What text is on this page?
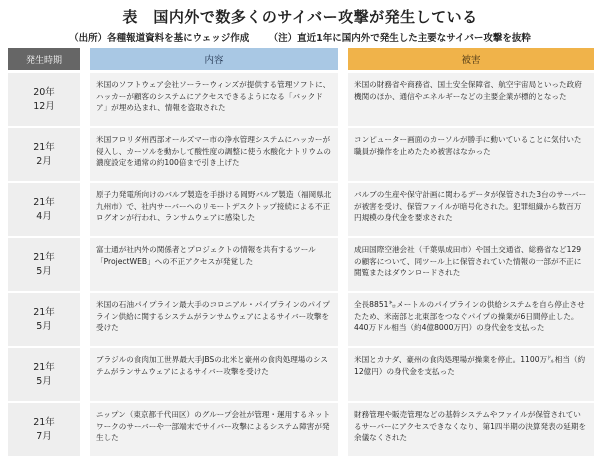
表　国内外で数多くのサイバー攻撃が発生している
（出所）各種報道資料を基にウェッジ作成 （注）直近1年に国内外で発生した主要なサイバー攻撃を抜粋
発生時期	内容	被害
20年
12月
米国のソフトウェア会社ソーラーウィンズが提供する管理ソフトに、ハッカーが顧客のシステムにアクセスできるようになる「バックドア」が埋め込まれ、情報を盗取された
米国の財務省や商務省、国土安全保障省、航空宇宙局といった政府機関のほか、通信やエネルギーなどの主要企業が標的となった
21年
2月
米国フロリダ州西部オールズマー市の浄水管理システムにハッカーが侵入し、カーソルを動かして酸性度の調整に使う水酸化ナトリウムの濃度設定を通常の約100倍まで引き上げた
コンピューター画面のカーソルが勝手に動いていることに気付いた職員が操作を止めたため被害はなかった
21年
4月
原子力発電所向けのバルブ製造を手掛ける岡野バルブ製造（福岡県北九州市）で、社内サーバーへのリモートデスクトップ接続による不正ログオンが行われ、ランサムウェアに感染した
バルブの生産や保守計画に関わるデータが保管された3台のサーバーが被害を受け、保管ファイルが暗号化された。犯罪組織から数百万円規模の身代金を要求された
21年
5月
富士通が社内外の関係者とプロジェクトの情報を共有するツール「ProjectWEB」への不正アクセスが発覚した
成田国際空港会社（千葉県成田市）や国土交通省、総務省など129の顧客について、同ツール上に保管されていた情報の一部が不正に閲覧またはダウンロードされた
21年
5月
米国の石油パイプライン最大手のコロニアル・パイプラインのパイプライン供給に関するシステムがランサムウェアによるサイバー攻撃を受けた
全長8851㌔メートルのパイプラインの供給システムを自ら停止させたため、米南部と北東部をつなぐパイプの操業が6日間停止した。440万ドル相当（約4億8000万円）の身代金を支払った
21年
5月
ブラジルの食肉加工世界最大手JBSの北米と豪州の食肉処理場のシステムがランサムウェアによるサイバー攻撃を受けた
米国とカナダ、豪州の食肉処理場が操業を停止。1100万㌦相当（約12億円）の身代金を支払った
21年
7月
ニップン（東京都千代田区）のグループ会社が管理・運用するネットワークのサーバーや一部端末でサイバー攻撃によるシステム障害が発生した
財務管理や販売管理などの基幹システムやファイルが保管されているサーバーにアクセスできなくなり、第1四半期の決算発表の延期を余儀なくされた
